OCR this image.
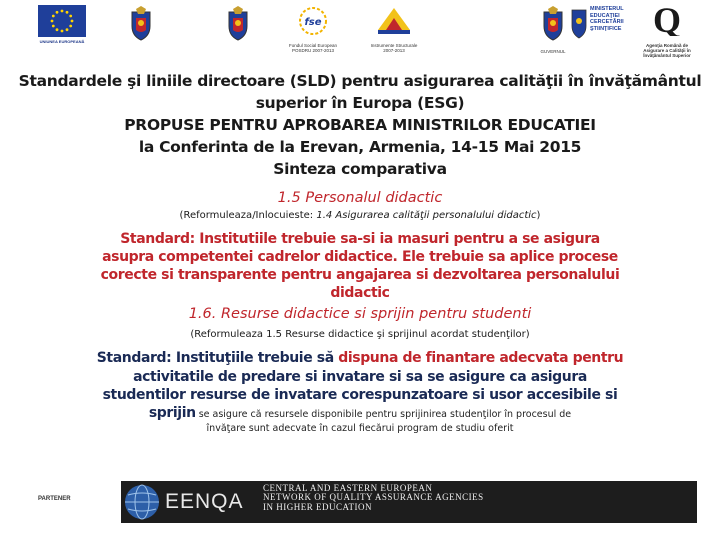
UNIUNEA EUROPEANĂ
fse
Fondul Social European
POSDRU 2007-2013
Instrumente Structurale
2007-2013	GUVERNUL
MINISTERUL
EDUCAŢIEI
CERCETĂRII
ŞTIINŢIFICE Q
Agenţia Română de
Asigurare a Calităţii în
Învăţământul Superior
Standardele şi liniile directoare (SLD) pentru asigurarea calităţii în învăţământul
superior în Europa (ESG)
PROPUSE PENTRU APROBAREA MINISTRILOR EDUCATIEI
la Conferinta de la Erevan, Armenia, 14-15 Mai 2015
Sinteza comparativa
1.5 Personalul didactic
(Reformuleaza/Inlocuieste: 1.4 Asigurarea calităţii personalului didactic)
Standard: Institutiile trebuie sa-si ia masuri pentru a se asigura
asupra competentei cadrelor didactice. Ele trebuie sa aplice procese
corecte si transparente pentru angajarea si dezvoltarea personalului
didactic
1.6. Resurse didactice si sprijin pentru studenti
(Reformuleaza 1.5 Resurse didactice şi sprijinul acordat studenţilor)
Standard: Instituţiile trebuie să dispuna de finantare adecvata pentru
activitatile de predare si invatare si sa se asigure ca asigura
studentilor resurse de invatare corespunzatoare si usor accesibile si
sprijin se asigure că resursele disponibile pentru sprijinirea studenţilor în procesul de
învăţare sunt adecvate în cazul fiecărui program de studiu oferit
PARTENER	EENQA
CENTRAL AND EASTERN EUROPEAN
NETWORK OF QUALITY ASSURANCE AGENCIES
IN HIGHER EDUCATION
